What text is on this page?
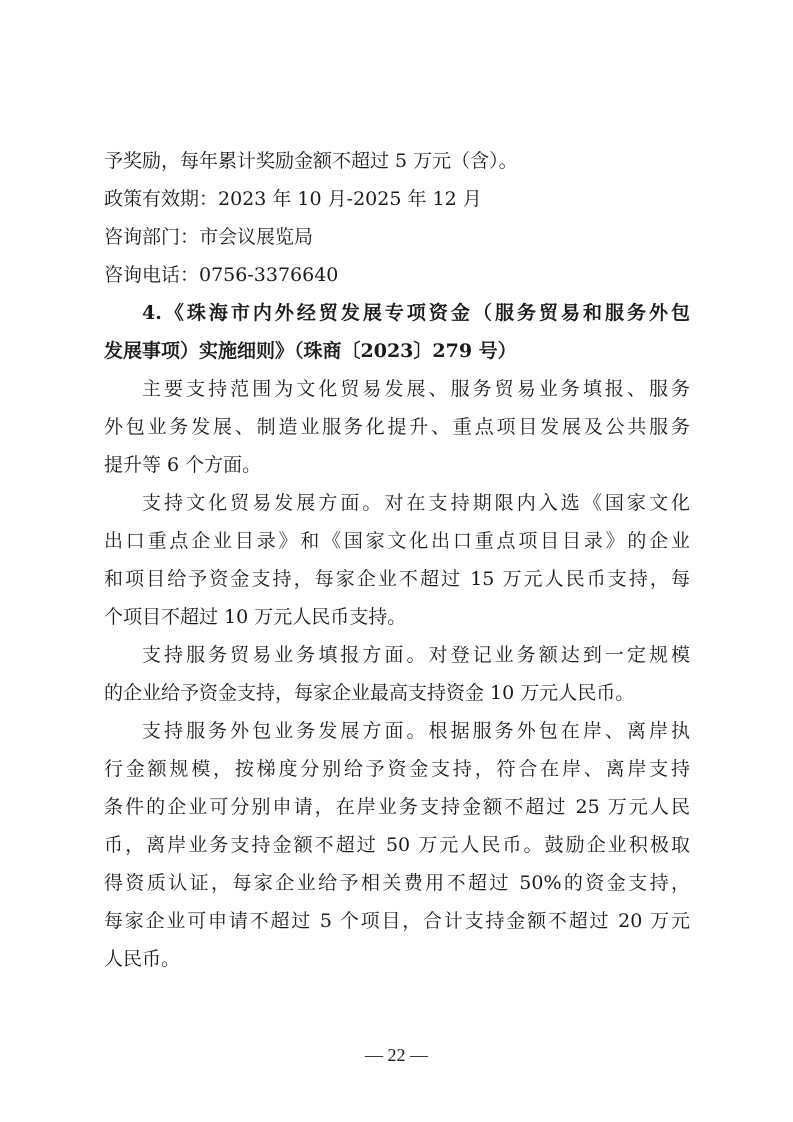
予奖励，每年累计奖励金额不超过 5 万元（含）。
政策有效期：2023 年 10 月-2025 年 12 月
咨询部门：市会议展览局
咨询电话：0756-3376640
4.《珠海市内外经贸发展专项资金（服务贸易和服务外包
发展事项）实施细则》（珠商〔2023〕279 号）
主要支持范围为文化贸易发展、服务贸易业务填报、服务
外包业务发展、制造业服务化提升、重点项目发展及公共服务
提升等 6 个方面。
支持文化贸易发展方面。对在支持期限内入选《国家文化
出口重点企业目录》和《国家文化出口重点项目目录》的企业
和项目给予资金支持，每家企业不超过 15 万元人民币支持，每
个项目不超过 10 万元人民币支持。
支持服务贸易业务填报方面。对登记业务额达到一定规模
的企业给予资金支持，每家企业最高支持资金 10 万元人民币。
支持服务外包业务发展方面。根据服务外包在岸、离岸执
行金额规模，按梯度分别给予资金支持，符合在岸、离岸支持
条件的企业可分别申请，在岸业务支持金额不超过 25 万元人民
币，离岸业务支持金额不超过 50 万元人民币。鼓励企业积极取
得资质认证，每家企业给予相关费用不超过 50%的资金支持，
每家企业可申请不超过 5 个项目，合计支持金额不超过 20 万元
人民币。
— 22 —
